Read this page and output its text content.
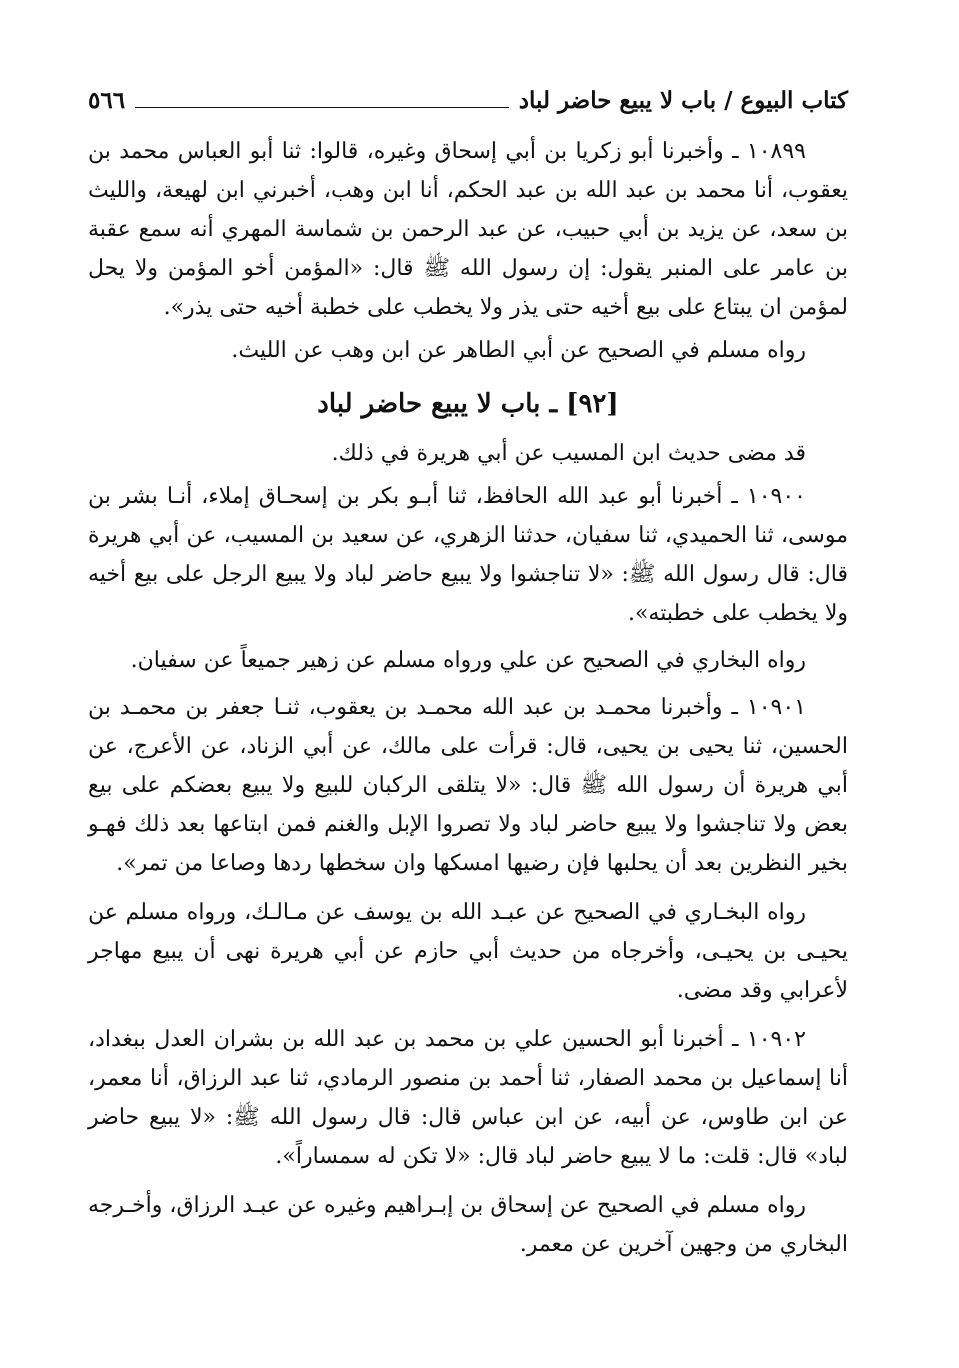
كتاب البيوع / باب لا يبيع حاضر لباد
٥٦٦

١٠٨٩٩ ـ وأخبرنا أبو زكريا بن أبي إسحاق وغيره، قالوا: ثنا أبو العباس محمد بن يعقوب، أنا محمد بن عبد الله بن عبد الحكم، أنا ابن وهب، أخبرني ابن لهيعة، والليث بن سعد، عن يزيد بن أبي حبيب، عن عبد الرحمن بن شماسة المهري أنه سمع عقبة بن عامر على المنبر يقول: إن رسول الله ﷺ قال: «المؤمن أخو المؤمن ولا يحل لمؤمن ان يبتاع على بيع أخيه حتى يذر ولا يخطب على خطبة أخيه حتى يذر».

رواه مسلم في الصحيح عن أبي الطاهر عن ابن وهب عن الليث.

[٩٢] ـ باب لا يبيع حاضر لباد

قد مضى حديث ابن المسيب عن أبي هريرة في ذلك.

١٠٩٠٠ ـ أخبرنا أبو عبد الله الحافظ، ثنا أبـو بكر بن إسحـاق إملاء، أنـا بشر بن موسى، ثنا الحميدي، ثنا سفيان، حدثنا الزهري، عن سعيد بن المسيب، عن أبي هريرة قال: قال رسول الله ﷺ: «لا تناجشوا ولا يبيع حاضر لباد ولا يبيع الرجل على بيع أخيه ولا يخطب على خطبته».

رواه البخاري في الصحيح عن علي ورواه مسلم عن زهير جميعاً عن سفيان.

١٠٩٠١ ـ وأخبرنا محمـد بن عبد الله محمـد بن يعقوب، ثنـا جعفر بن محمـد بن الحسين، ثنا يحيى بن يحيى، قال: قرأت على مالك، عن أبي الزناد، عن الأعرج، عن أبي هريرة أن رسول الله ﷺ قال: «لا يتلقى الركبان للبيع ولا يبيع بعضكم على بيع بعض ولا تناجشوا ولا يبيع حاضر لباد ولا تصروا الإبل والغنم فمن ابتاعها بعد ذلك فهـو بخير النظرين بعد أن يحلبها فإن رضيها امسكها وان سخطها ردها وصاعا من تمر».

رواه البخـاري في الصحيح عن عبـد الله بن يوسف عن مـالـك، ورواه مسلم عن يحيـى بن يحيـى، وأخرجاه من حديث أبي حازم عن أبي هريرة نهى أن يبيع مهاجر لأعرابي وقد مضى.

١٠٩٠٢ ـ أخبرنا أبو الحسين علي بن محمد بن عبد الله بن بشران العدل ببغداد، أنا إسماعيل بن محمد الصفار، ثنا أحمد بن منصور الرمادي، ثنا عبد الرزاق، أنا معمر، عن ابن طاوس، عن أبيه، عن ابن عباس قال: قال رسول الله ﷺ: «لا يبيع حاضر لباد» قال: قلت: ما لا يبيع حاضر لباد قال: «لا تكن له سمساراً».

رواه مسلم في الصحيح عن إسحاق بن إبـراهيم وغيره عن عبـد الرزاق، وأخـرجه البخاري من وجهين آخرين عن معمر.
